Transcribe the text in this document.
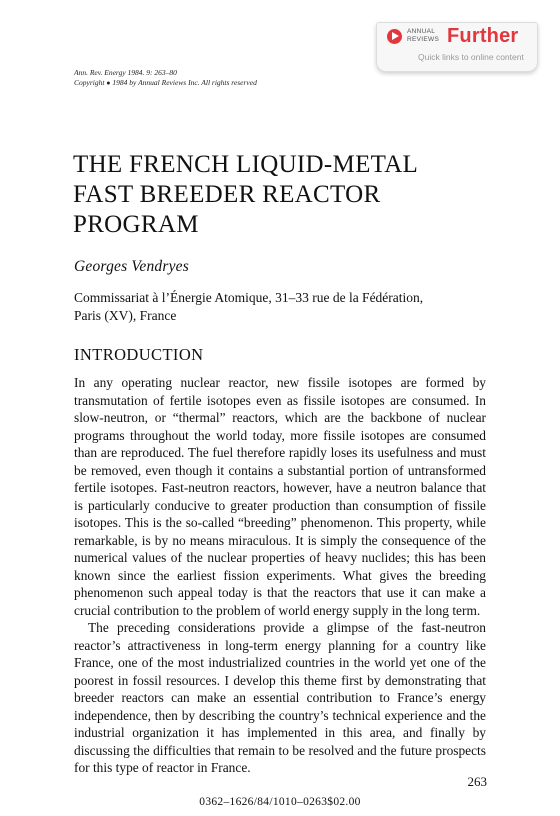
ANNUAL
REVIEWS Further
Quick links to online content
Ann. Rev. Energy 1984. 9: 263–80
Copyright ● 1984 by Annual Reviews Inc. All rights reserved
THE FRENCH LIQUID-METAL
FAST BREEDER REACTOR
PROGRAM
Georges Vendryes
Commissariat à l’Énergie Atomique, 31–33 rue de la Fédération,
Paris (XV), France
INTRODUCTION

In any operating nuclear reactor, new fissile isotopes are formed by transmutation of fertile isotopes even as fissile isotopes are consumed. In slow-neutron, or “thermal” reactors, which are the backbone of nuclear programs throughout the world today, more fissile isotopes are consumed than are reproduced. The fuel therefore rapidly loses its usefulness and must be removed, even though it contains a substantial portion of untransformed fertile isotopes. Fast-neutron reactors, however, have a neutron balance that is particularly conducive to greater production than consumption of fissile isotopes. This is the so-called “breeding” phenomenon. This property, while remarkable, is by no means miraculous. It is simply the consequence of the numerical values of the nuclear properties of heavy nuclides; this has been known since the earliest fission experiments. What gives the breeding phenomenon such appeal today is that the reactors that use it can make a crucial contribution to the problem of world energy supply in the long term.

The preceding considerations provide a glimpse of the fast-neutron reactor’s attractiveness in long-term energy planning for a country like France, one of the most industrialized countries in the world yet one of the poorest in fossil resources. I develop this theme first by demonstrating that breeder reactors can make an essential contribution to France’s energy independence, then by describing the country’s technical experience and the industrial organization it has implemented in this area, and finally by discussing the difficulties that remain to be resolved and the future prospects for this type of reactor in France.

263
0362–1626/84/1010–0263$02.00
